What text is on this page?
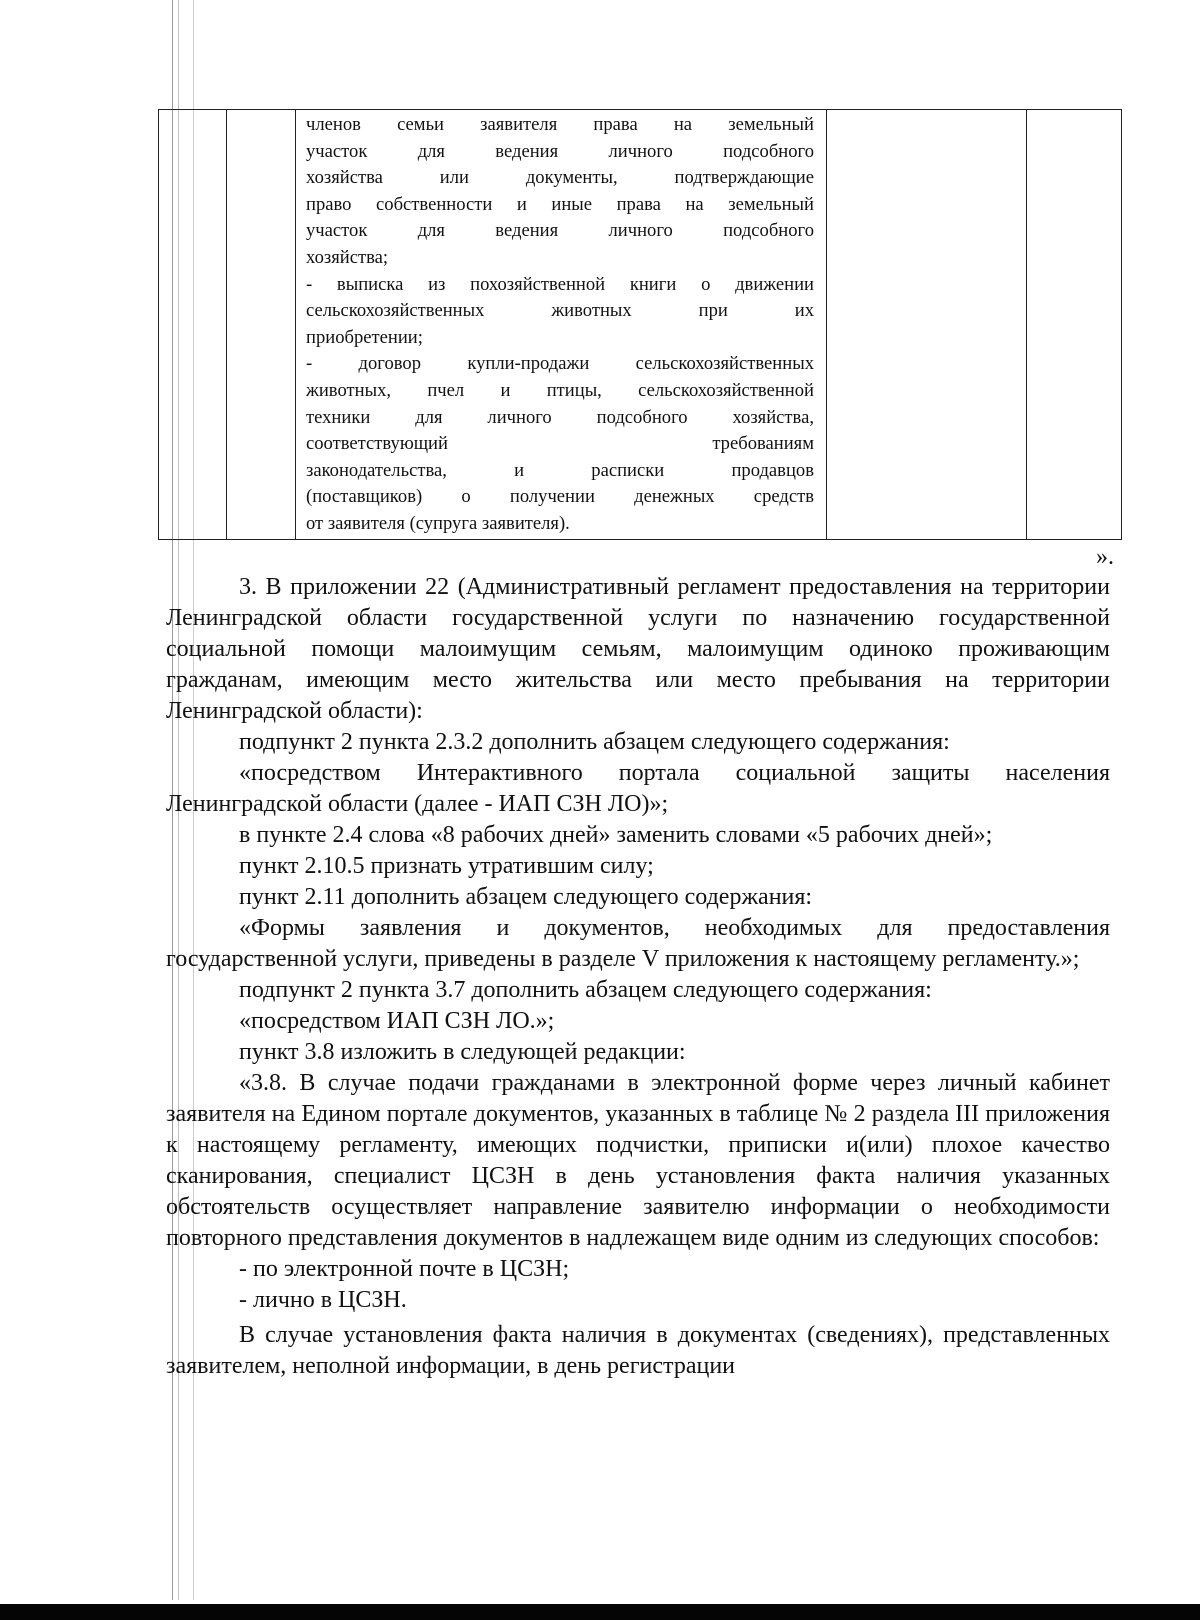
членов семьи заявителя права на земельный
участок для ведения личного подсобного
хозяйства или документы, подтверждающие
право собственности и иные права на земельный
участок для ведения личного подсобного
хозяйства;
- выписка из похозяйственной книги о движении
сельскохозяйственных животных при их
приобретении;
- договор купли-продажи сельскохозяйственных
животных, пчел и птицы, сельскохозяйственной
техники для личного подсобного хозяйства,
соответствующий требованиям
законодательства, и расписки продавцов
(поставщиков) о получении денежных средств
от заявителя (супруга заявителя).

».

3. В приложении 22 (Административный регламент предоставления на территории Ленинградской области государственной услуги по назначению государственной социальной помощи малоимущим семьям, малоимущим одиноко проживающим гражданам, имеющим место жительства или место пребывания на территории Ленинградской области):

подпункт 2 пункта 2.3.2 дополнить абзацем следующего содержания:

«посредством Интерактивного портала социальной защиты населения Ленинградской области (далее - ИАП СЗН ЛО)»;

в пункте 2.4 слова «8 рабочих дней» заменить словами «5 рабочих дней»;

пункт 2.10.5 признать утратившим силу;

пункт 2.11 дополнить абзацем следующего содержания:

«Формы заявления и документов, необходимых для предоставления государственной услуги, приведены в разделе V приложения к настоящему регламенту.»;

подпункт 2 пункта 3.7 дополнить абзацем следующего содержания:

«посредством ИАП СЗН ЛО.»;

пункт 3.8 изложить в следующей редакции:

«3.8. В случае подачи гражданами в электронной форме через личный кабинет заявителя на Едином портале документов, указанных в таблице № 2 раздела III приложения к настоящему регламенту, имеющих подчистки, приписки и(или) плохое качество сканирования, специалист ЦСЗН в день установления факта наличия указанных обстоятельств осуществляет направление заявителю информации о необходимости повторного представления документов в надлежащем виде одним из следующих способов:

- по электронной почте в ЦСЗН;

- лично в ЦСЗН.

В случае установления факта наличия в документах (сведениях), представленных заявителем, неполной информации, в день регистрации
